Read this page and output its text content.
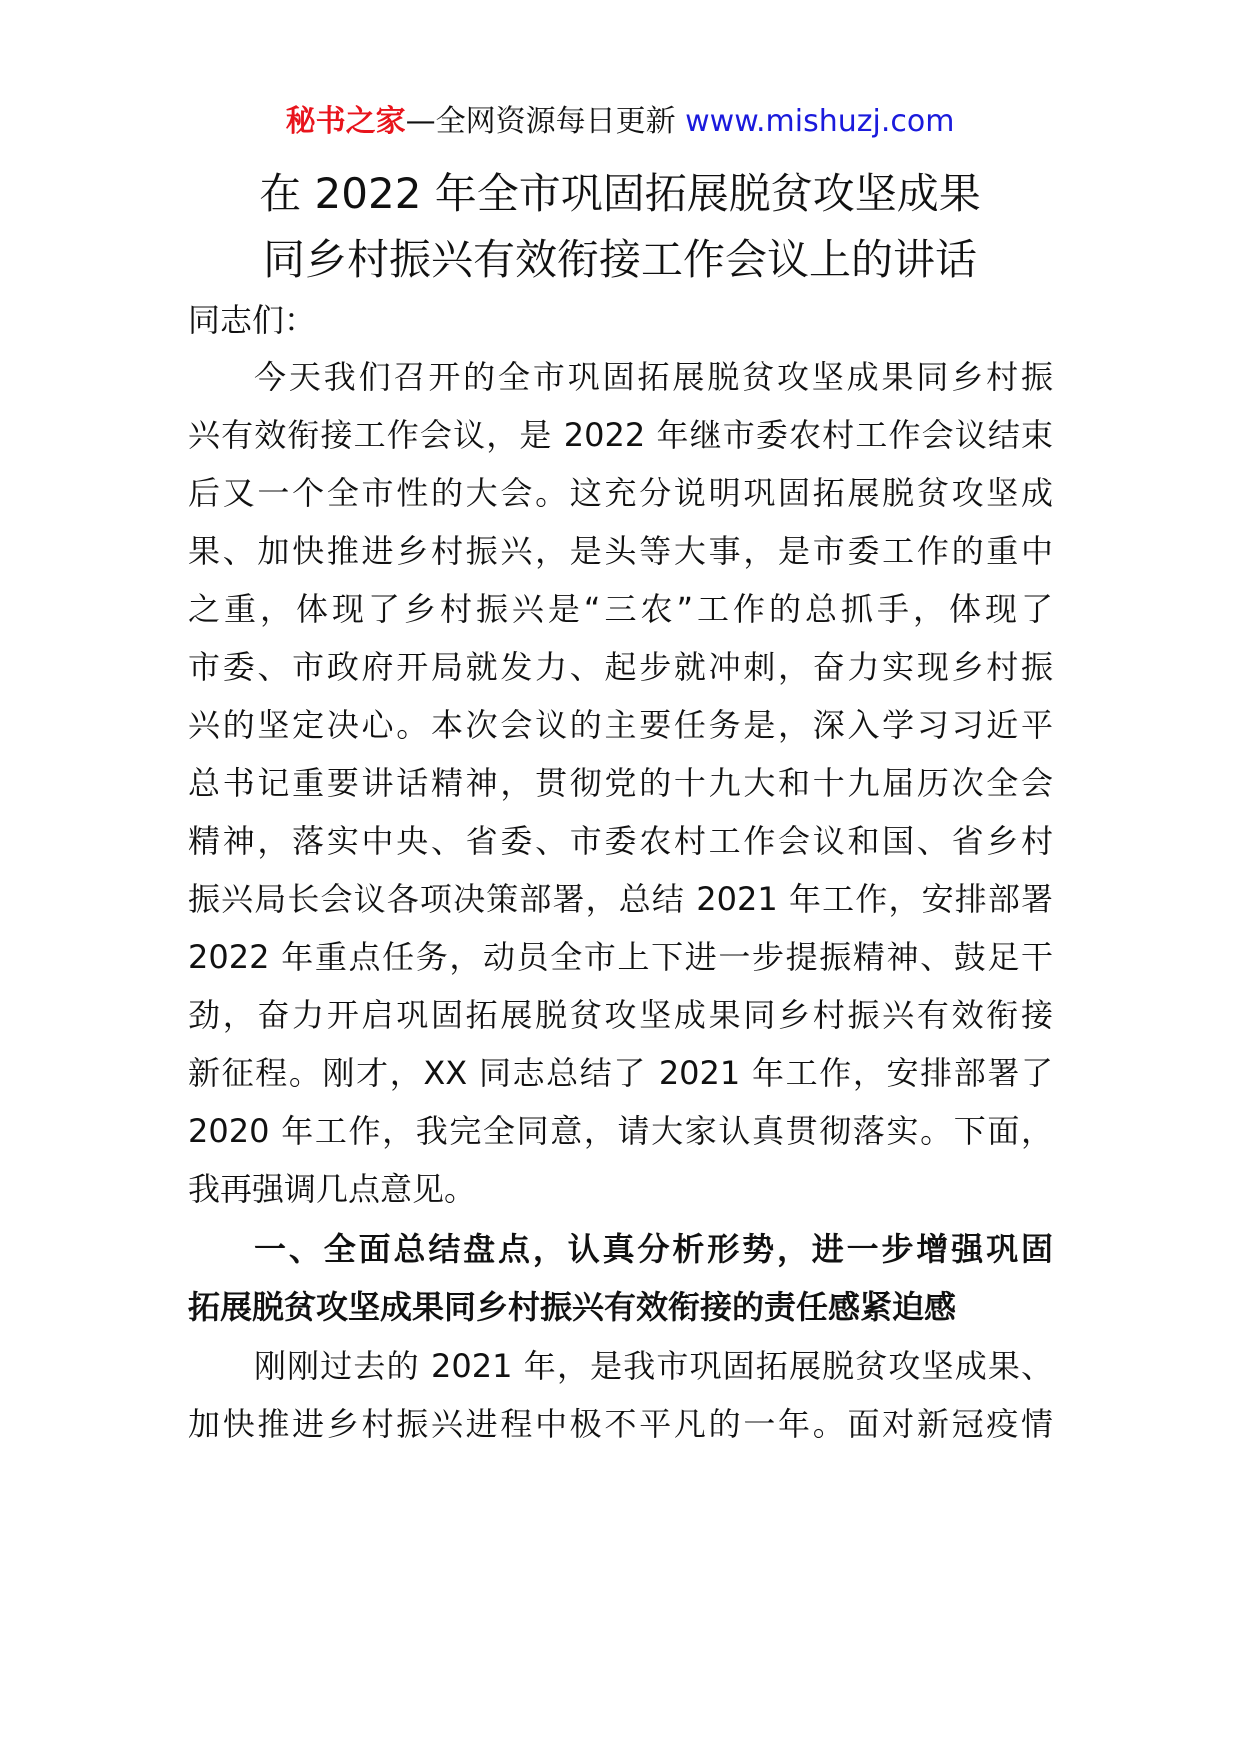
秘书之家—全网资源每日更新 www.mishuzj.com
在 2022 年全市巩固拓展脱贫攻坚成果
同乡村振兴有效衔接工作会议上的讲话
同志们：
今天我们召开的全市巩固拓展脱贫攻坚成果同乡村振
兴有效衔接工作会议，是 2022 年继市委农村工作会议结束
后又一个全市性的大会。这充分说明巩固拓展脱贫攻坚成
果、加快推进乡村振兴，是头等大事，是市委工作的重中
之重，体现了乡村振兴是“三农”工作的总抓手，体现了
市委、市政府开局就发力、起步就冲刺，奋力实现乡村振
兴的坚定决心。本次会议的主要任务是，深入学习习近平
总书记重要讲话精神，贯彻党的十九大和十九届历次全会
精神，落实中央、省委、市委农村工作会议和国、省乡村
振兴局长会议各项决策部署，总结 2021 年工作，安排部署
2022 年重点任务，动员全市上下进一步提振精神、鼓足干
劲，奋力开启巩固拓展脱贫攻坚成果同乡村振兴有效衔接
新征程。刚才，XX 同志总结了 2021 年工作，安排部署了
2020 年工作，我完全同意，请大家认真贯彻落实。下面，
我再强调几点意见。
一、全面总结盘点，认真分析形势，进一步增强巩固
拓展脱贫攻坚成果同乡村振兴有效衔接的责任感紧迫感
刚刚过去的 2021 年，是我市巩固拓展脱贫攻坚成果、
加快推进乡村振兴进程中极不平凡的一年。面对新冠疫情
